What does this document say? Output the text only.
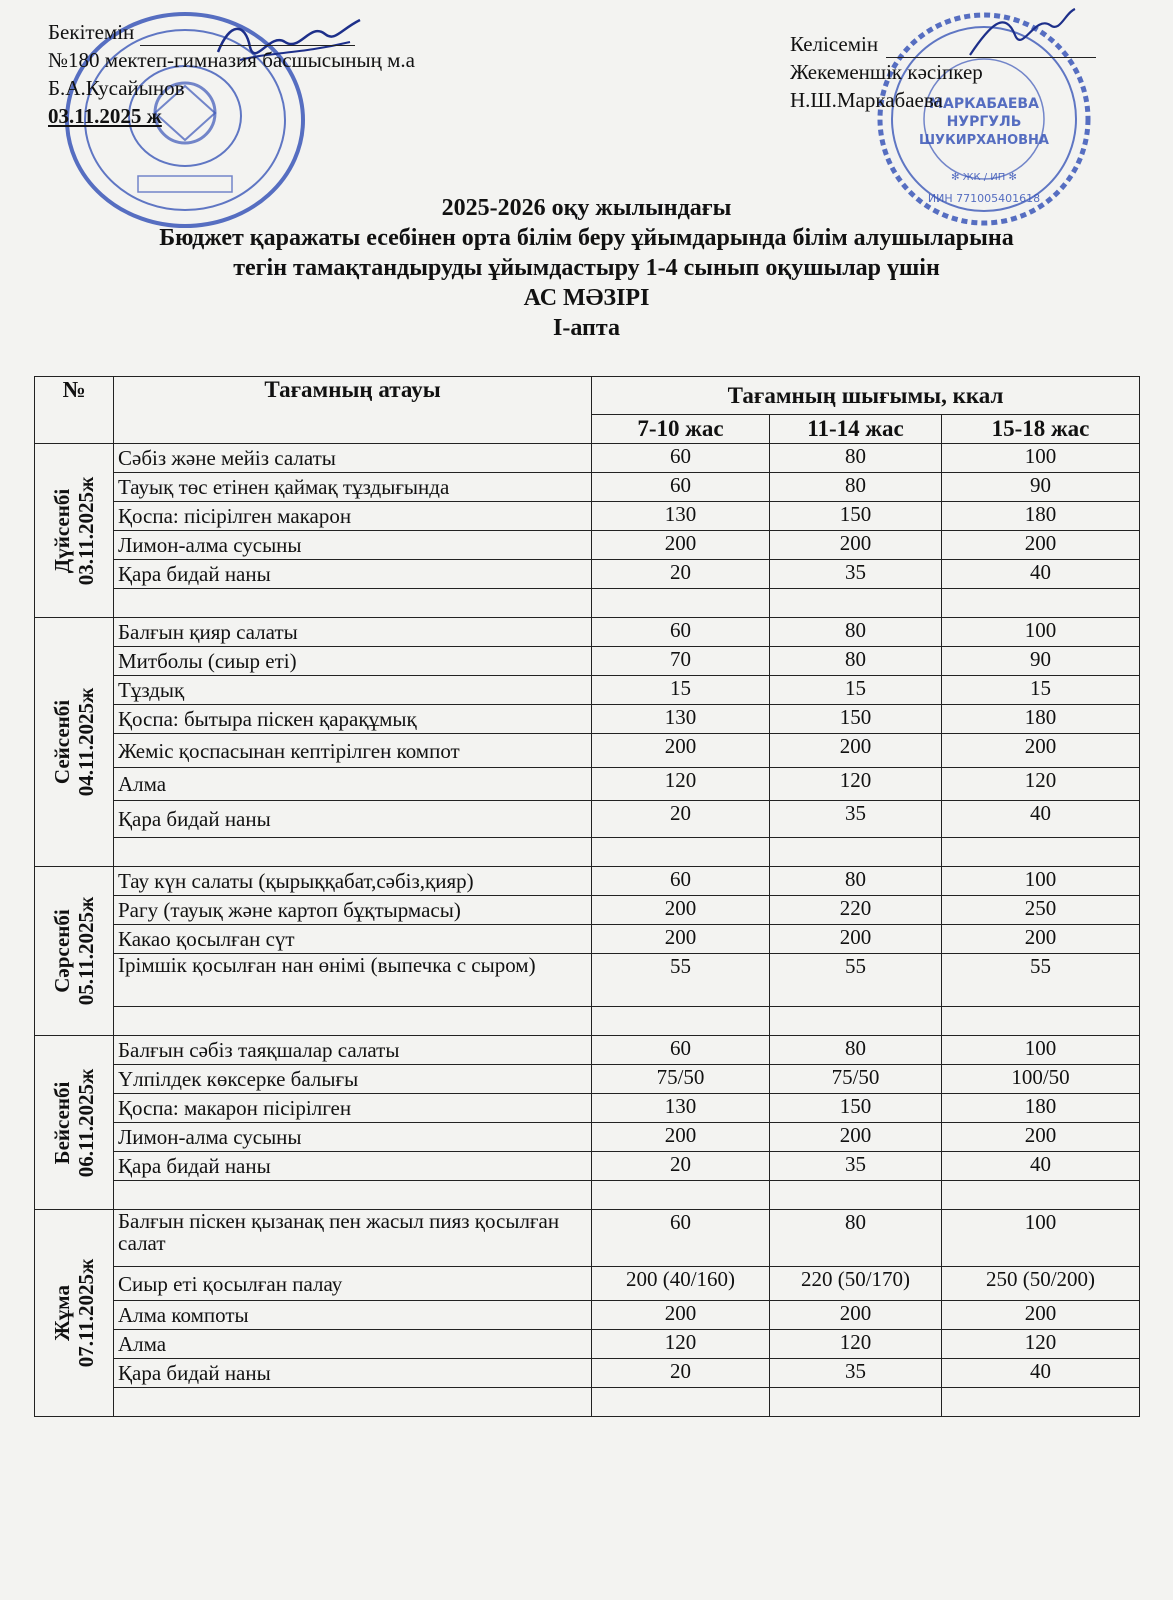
МАРКАБАЕВА
НУРГУЛЬ
ШУКИРХАНОВНА
✻ ЖК / ИП ✻
ИИН 771005401618
Бекітемін
№180 мектеп-гимназия басшысының м.а
Б.А.Кусайынов
03.11.2025 ж
Келісемін
Жекеменшік кәсіпкер
Н.Ш.Маркабаева
2025-2026 оқу жылындағы
Бюджет қаражаты есебінен орта білім беру ұйымдарында білім алушыларына
тегін тамақтандыруды ұйымдастыру 1-4 сынып оқушылар үшін
АС МӘЗІРІ
І-апта
№	Тағамның атауы	Тағамның шығымы, ккал		
		7-10 жас	11-14 жас	15-18 жас

Дүйсенбі 03.11.2025ж	Сәбіз және мейіз салаты	60	80	100
	Тауық төс етінен қаймақ тұздығында	60	80	90
	Қоспа: пісірілген макарон	130	150	180
	Лимон-алма сусыны	200	200	200
	Қара бидай наны	20	35	40

Сейсенбі 04.11.2025ж	Балғын қияр салаты	60	80	100
	Митболы (сиыр еті)	70	80	90
	Тұздық	15	15	15
	Қоспа: бытыра піскен қарақұмық	130	150	180
	Жеміс қоспасынан кептірілген компот	200	200	200
	Алма	120	120	120
	Қара бидай наны	20	35	40

Сәрсенбі 05.11.2025ж	Тау күн салаты (қырыққабат,сәбіз,қияр)	60	80	100
	Рагу (тауық және картоп бұқтырмасы)	200	220	250
	Какао қосылған сүт	200	200	200
	Ірімшік қосылған нан өнімі (выпечка с сыром)	55	55	55

Бейсенбі 06.11.2025ж	Балғын сәбіз таяқшалар салаты	60	80	100
	Үлпілдек көксерке балығы	75/50	75/50	100/50
	Қоспа: макарон пісірілген	130	150	180
	Лимон-алма сусыны	200	200	200
	Қара бидай наны	20	35	40

Жұма 07.11.2025ж	Балғын піскен қызанақ пен жасыл пияз қосылған салат	60	80	100
	Сиыр еті қосылған палау	200 (40/160)	220 (50/170)	250 (50/200)
	Алма компоты	200	200	200
	Алма	120	120	120
	Қара бидай наны	20	35	40
